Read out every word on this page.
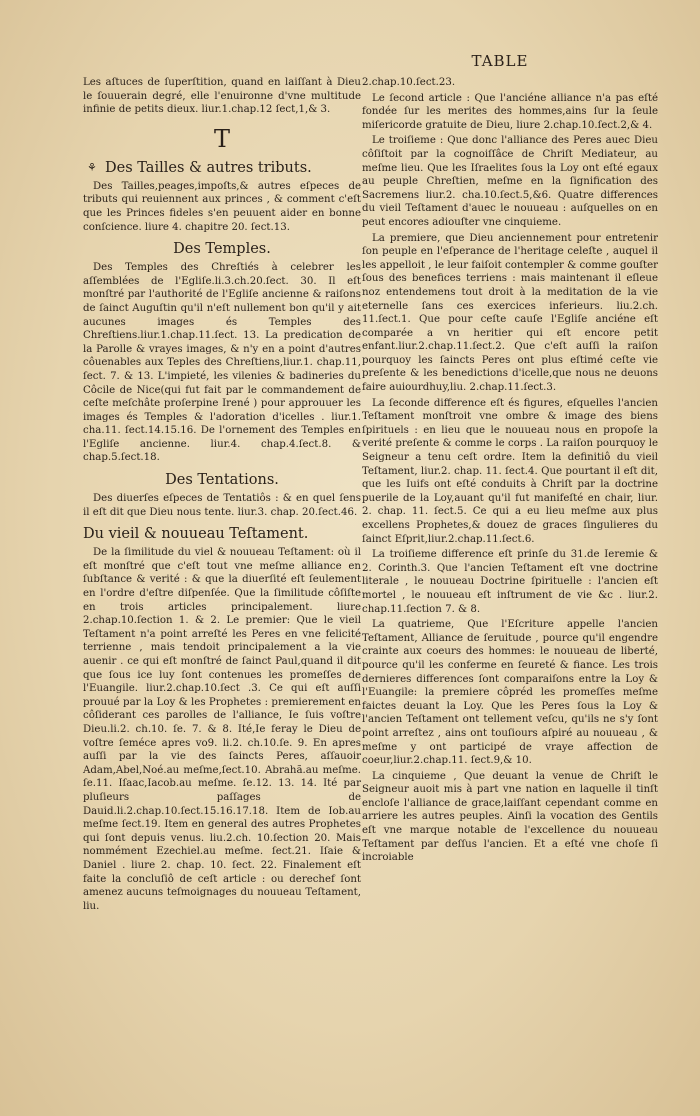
TABLE

Les aſtuces de ſuperſtition, quand en laiſſant à Dieu le ſouuerain degré, elle l'enuironne d'vne multitude infinie de petits dieux. liur.1.chap.12 ſect,1,& 3.

T
⚘ Des Tailles & autres tributs.

Des Tailles,peages,impoſts,& autres eſpeces de tributs qui reuiennent aux princes , & comment c'eſt que les Princes fideles s'en peuuent aider en bonne conſcience. liure 4. chapitre 20. ſect.13.

Des Temples.

Des Temples des Chreſtiés à celebrer les aſſemblées de l'Egliſe.li.3.ch.20.ſect. 30. Il eſt monſtré par l'authorité de l'Egliſe ancienne & raiſons de ſainct Auguſtin qu'il n'eſt nullement bon qu'il y ait aucunes images és Temples des Chreſtiens.liur.1.chap.11.ſect. 13. La predication de la Parolle & vrayes images, & n'y en a point d'autres côuenables aux Teples des Chreſtiens,liur.1. chap.11, ſect. 7. & 13. L'impieté, les vilenies & badineries du Côcile de Nice(qui fut fait par le commandement de ceſte meſchâte proſerpine Irené ) pour approuuer les images és Temples & l'adoration d'icelles . liur.1. cha.11. ſect.14.15.16. De l'ornement des Temples en l'Egliſe ancienne. liur.4. chap.4.ſect.8. & chap.5.ſect.18.

Des Tentations.

Des diuerſes eſpeces de Tentatiôs : & en quel ſens il eſt dit que Dieu nous tente. liur.3. chap. 20.ſect.46.

Du vieil & nouueau Teſtament.

De la ſimilitude du viel & nouueau Teſtament: où il eſt monſtré que c'eſt tout vne meſme alliance en ſubſtance & verité : & que la diuerſité eſt ſeulement en l'ordre d'eſtre diſpenſée. Que la ſimilitude côſiſte en trois articles principalement. liure 2.chap.10.ſection 1. & 2. Le premier: Que le vieil Teſtament n'a point arreſté les Peres en vne felicité terrienne , mais tendoit principalement a la vie auenir . ce qui eſt monſtré de ſainct Paul,quand il dit que ſous ice luy ſont contenues les promeſſes de l'Euangile. liur.2.chap.10.ſect .3. Ce qui eſt auſſi prouué par la Loy & les Prophetes : premierement en côſiderant ces parolles de l'alliance, Ie ſuis voſtre Dieu.li.2. ch.10. ſe. 7. & 8. Ité,Ie feray le Dieu de voſtre ſeméce apres vo9. li.2. ch.10.ſe. 9. En apres auſſi par la vie des ſaincts Peres, aſſauoir Adam,Abel,Noé.au meſme,ſect.10. Abrahã.au meſme. ſe.11. Iſaac,Iacob.au meſme. ſe.12. 13. 14. Ité par pluſieurs paſſages de Dauid.li.2.chap.10.ſect.15.16.17.18. Item de Iob.au meſme ſect.19. Item en general des autres Prophetes qui ſont depuis venus. liu.2.ch. 10.ſection 20. Mais nommément Ezechiel.au meſme. ſect.21. Iſaie & Daniel . liure 2. chap. 10. ſect. 22. Finalement eſt faite la concluſiô de ceſt article : ou derechef ſont amenez aucuns teſmoignages du nouueau Teſtament, liu.

2.chap.10.ſect.23.

Le ſecond article : Que l'anciéne alliance n'a pas eſté fondée ſur les merites des hommes,ains ſur la ſeule miſericorde gratuite de Dieu, liure 2.chap.10.ſect.2,& 4.

Le troiſieme : Que donc l'alliance des Peres auec Dieu côſiſtoit par la cognoiſſâce de Chriſt Mediateur, au meſme lieu. Que les Iſraelites ſous la Loy ont eſté egaux au peuple Chreſtien, meſme en la ſignification des Sacremens liur.2. cha.10.ſect.5,&6. Quatre differences du vieil Teſtament d'auec le nouueau : auſquelles on en peut encores adiouſter vne cinquieme.

La premiere, que Dieu anciennement pour entretenir ſon peuple en l'eſperance de l'heritage celeſte , auquel il les appelloit , le leur faiſoit contempler & comme gouſter ſous des benefices terriens : mais maintenant il eſleue noz entendemens tout droit à la meditation de la vie eternelle ſans ces exercices inferieurs. liu.2.ch. 11.ſect.1. Que pour ceſte cauſe l'Egliſe anciéne eſt comparée a vn heritier qui eſt encore petit enfant.liur.2.chap.11.ſect.2. Que c'eſt auſſi la raiſon pourquoy les ſaincts Peres ont plus eſtimé ceſte vie preſente & les benedictions d'icelle,que nous ne deuons faire auiourdhuy,liu. 2.chap.11.ſect.3.

La ſeconde difference eſt és figures, eſquelles l'ancien Teſtament monſtroit vne ombre & image des biens ſpirituels : en lieu que le nouueau nous en propoſe la verité preſente & comme le corps . La raiſon pourquoy le Seigneur a tenu ceſt ordre. Item la definitiô du vieil Teſtament, liur.2. chap. 11. ſect.4. Que pourtant il eſt dit, que les Iuifs ont eſté conduits à Chriſt par la doctrine puerile de la Loy,auant qu'il fut manifeſté en chair, liur. 2. chap. 11. ſect.5. Ce qui a eu lieu meſme aux plus excellens Prophetes,& douez de graces ſingulieres du ſainct Eſprit,liur.2.chap.11.ſect.6.

La troiſieme difference eſt prinſe du 31.de Ieremie & 2. Corinth.3. Que l'ancien Teſtament eſt vne doctrine literale , le nouueau Doctrine ſpirituelle : l'ancien eſt mortel , le nouueau eſt inſtrument de vie &c . liur.2. chap.11.ſection 7. & 8.

La quatrieme, Que l'Eſcriture appelle l'ancien Teſtament, Alliance de ſeruitude , pource qu'il engendre crainte aux coeurs des hommes: le nouueau de liberté, pource qu'il les conferme en ſeureté & fiance. Les trois dernieres differences ſont comparaiſons entre la Loy & l'Euangile: la premiere côpréd les promeſſes meſme faictes deuant la Loy. Que les Peres ſous la Loy & l'ancien Teſtament ont tellement veſcu, qu'ils ne s'y ſont point arreſtez , ains ont touſiours aſpiré au nouueau , & meſme y ont participé de vraye affection de coeur,liur.2.chap.11. ſect.9,& 10.

La cinquieme , Que deuant la venue de Chriſt le Seigneur auoit mis à part vne nation en laquelle il tinſt encloſe l'alliance de grace,laiſſant cependant comme en arriere les autres peuples. Ainſi la vocation des Gentils eſt vne marque notable de l'excellence du nouueau Teſtament par deſſus l'ancien. Et a eſté vne choſe ſi incroiable
